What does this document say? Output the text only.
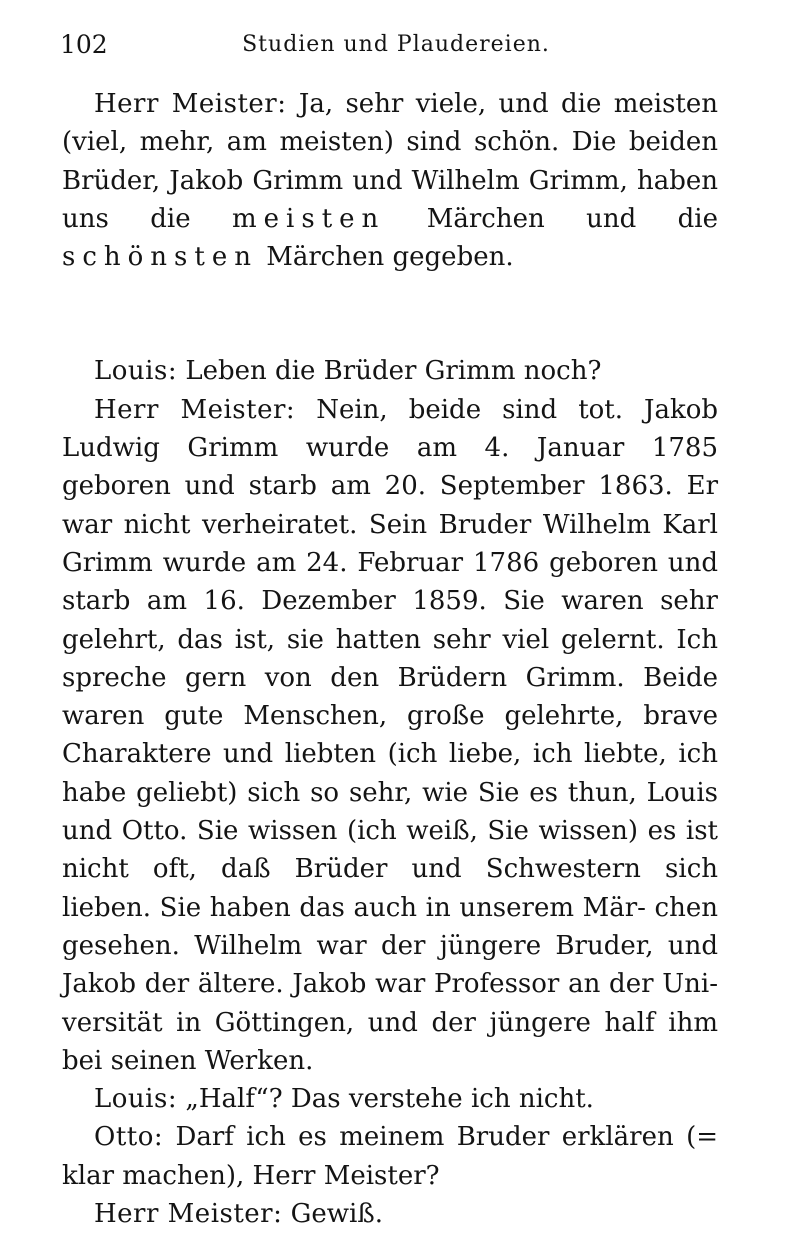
102	Studien und Plaudereien.

Herr Meister: Ja, sehr viele, und die meisten (viel, mehr, am meisten) sind schön. Die beiden Brüder, Jakob Grimm und Wilhelm Grimm, haben uns die meisten Märchen und die schönsten Märchen gegeben.

Louis: Leben die Brüder Grimm noch?

Herr Meister: Nein, beide sind tot. Jakob Ludwig Grimm wurde am 4. Januar 1785 geboren und starb am 20. September 1863. Er war nicht verheiratet. Sein Bruder Wilhelm Karl Grimm wurde am 24. Februar 1786 geboren und starb am 16. Dezember 1859. Sie waren sehr gelehrt, das ist, sie hatten sehr viel gelernt. Ich spreche gern von den Brüdern Grimm. Beide waren gute Menschen, große gelehrte, brave Charaktere und liebten (ich liebe, ich liebte, ich habe geliebt) sich so sehr, wie Sie es thun, Louis und Otto. Sie wissen (ich weiß, Sie wissen) es ist nicht oft, daß Brüder und Schwestern sich lieben. Sie haben das auch in unserem Mär- chen gesehen. Wilhelm war der jüngere Bruder, und Jakob der ältere. Jakob war Professor an der Uni- versität in Göttingen, und der jüngere half ihm bei seinen Werken.

Louis: „Half“? Das verstehe ich nicht.

Otto: Darf ich es meinem Bruder erklären (= klar machen), Herr Meister?

Herr Meister: Gewiß.
